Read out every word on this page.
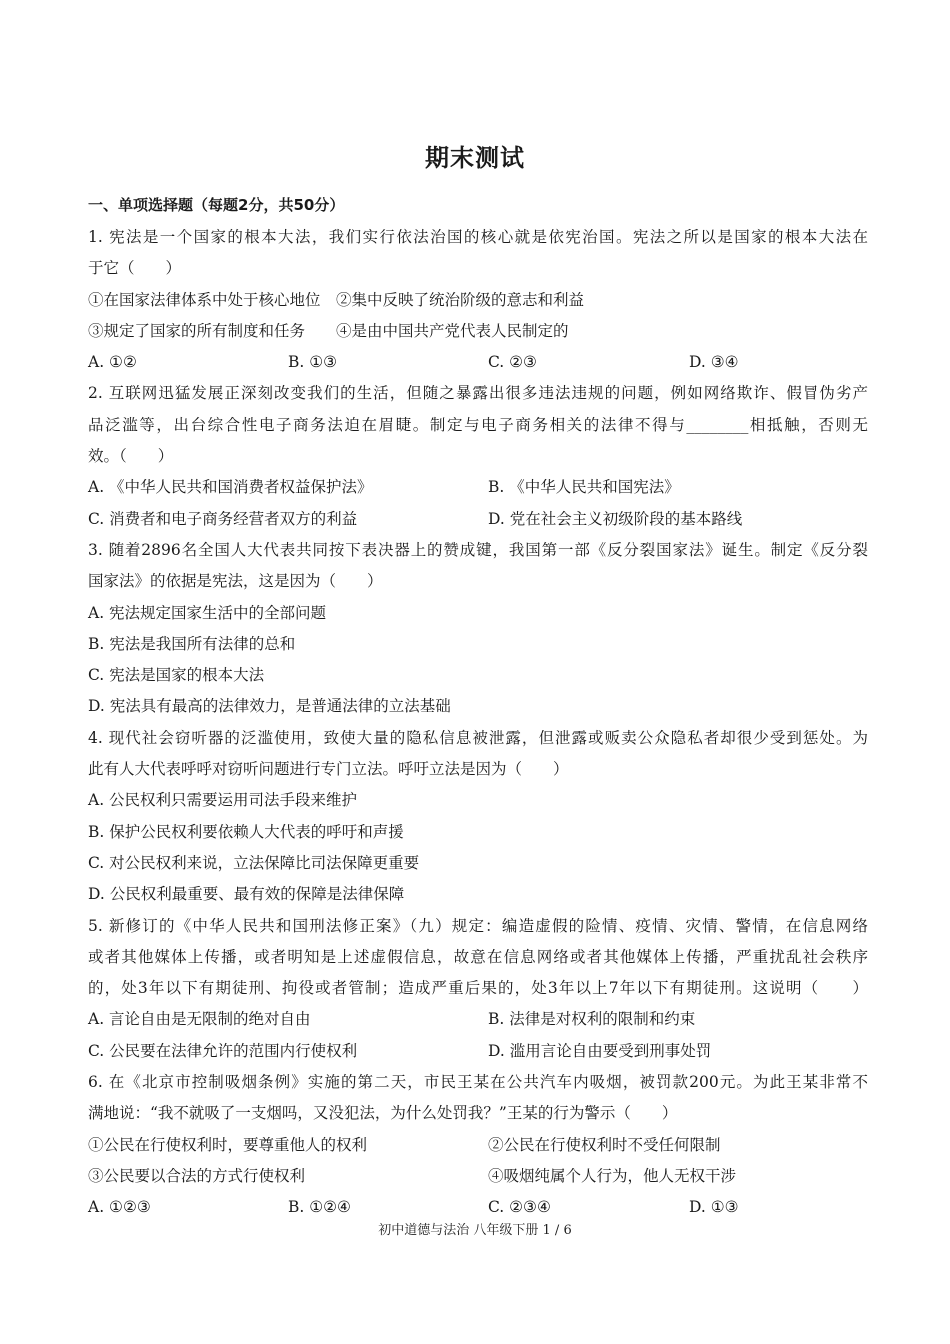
期末测试
一、单项选择题（每题2分，共50分）
1. 宪法是一个国家的根本大法，我们实行依法治国的核心就是依宪治国。宪法之所以是国家的根本大法在
于它（　　）
①在国家法律体系中处于核心地位　②集中反映了统治阶级的意志和利益
③规定了国家的所有制度和任务　　④是由中国共产党代表人民制定的
A. ①②	B. ①③	C. ②③	D. ③④
2. 互联网迅猛发展正深刻改变我们的生活，但随之暴露出很多违法违规的问题，例如网络欺诈、假冒伪劣产
品泛滥等，出台综合性电子商务法迫在眉睫。制定与电子商务相关的法律不得与________相抵触，否则无
效。（　　）
A. 《中华人民共和国消费者权益保护法》	B. 《中华人民共和国宪法》
C. 消费者和电子商务经营者双方的利益	D. 党在社会主义初级阶段的基本路线
3. 随着2896名全国人大代表共同按下表决器上的赞成键，我国第一部《反分裂国家法》诞生。制定《反分裂
国家法》的依据是宪法，这是因为（　　）
A. 宪法规定国家生活中的全部问题
B. 宪法是我国所有法律的总和
C. 宪法是国家的根本大法
D. 宪法具有最高的法律效力，是普通法律的立法基础
4. 现代社会窃听器的泛滥使用，致使大量的隐私信息被泄露，但泄露或贩卖公众隐私者却很少受到惩处。为
此有人大代表呼呼对窃听问题进行专门立法。呼吁立法是因为（　　）
A. 公民权利只需要运用司法手段来维护
B. 保护公民权利要依赖人大代表的呼吁和声援
C. 对公民权利来说，立法保障比司法保障更重要
D. 公民权利最重要、最有效的保障是法律保障
5. 新修订的《中华人民共和国刑法修正案》（九）规定：编造虚假的险情、疫情、灾情、警情，在信息网络
或者其他媒体上传播，或者明知是上述虚假信息，故意在信息网络或者其他媒体上传播，严重扰乱社会秩序
的，处3年以下有期徒刑、拘役或者管制；造成严重后果的，处3年以上7年以下有期徒刑。这说明（　　）
A. 言论自由是无限制的绝对自由	B. 法律是对权利的限制和约束
C. 公民要在法律允许的范围内行使权利	D. 滥用言论自由要受到刑事处罚
6. 在《北京市控制吸烟条例》实施的第二天，市民王某在公共汽车内吸烟，被罚款200元。为此王某非常不
满地说：“我不就吸了一支烟吗，又没犯法，为什么处罚我？”王某的行为警示（　　）
①公民在行使权利时，要尊重他人的权利	②公民在行使权利时不受任何限制
③公民要以合法的方式行使权利	④吸烟纯属个人行为，他人无权干涉
A. ①②③	B. ①②④	C. ②③④	D. ①③
初中道德与法治 八年级下册 1 / 6
